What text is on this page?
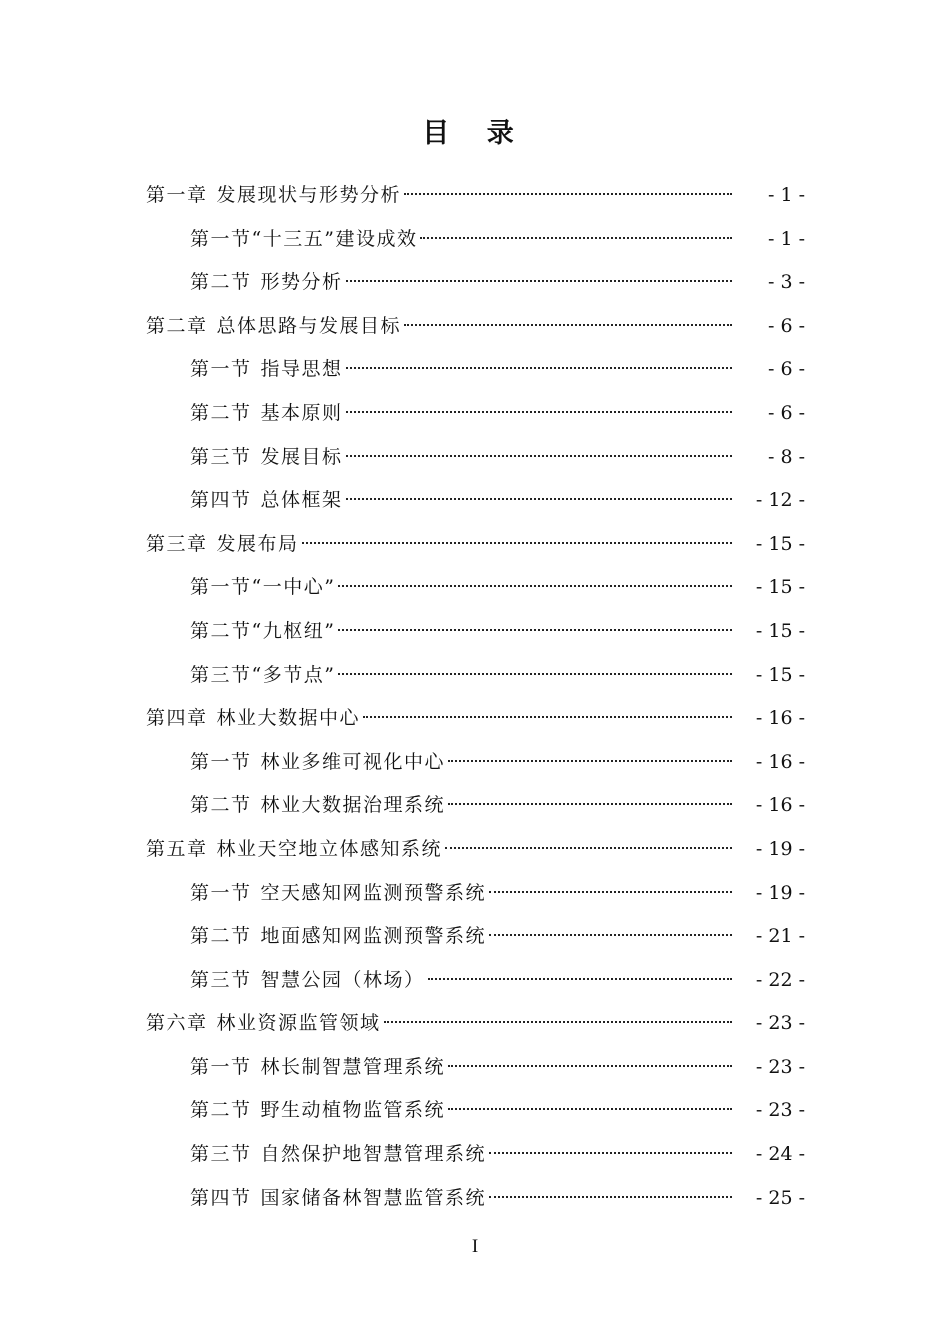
目 录
第一章 发展现状与形势分析	- 1 -
第一节 “十三五”建设成效	- 1 -
第二节 形势分析	- 3 -
第二章 总体思路与发展目标	- 6 -
第一节 指导思想	- 6 -
第二节 基本原则	- 6 -
第三节 发展目标	- 8 -
第四节 总体框架	- 12 -
第三章 发展布局	- 15 -
第一节 “一中心”	- 15 -
第二节 “九枢纽”	- 15 -
第三节 “多节点”	- 15 -
第四章 林业大数据中心	- 16 -
第一节 林业多维可视化中心	- 16 -
第二节 林业大数据治理系统	- 16 -
第五章 林业天空地立体感知系统	- 19 -
第一节 空天感知网监测预警系统	- 19 -
第二节 地面感知网监测预警系统	- 21 -
第三节 智慧公园（林场）	- 22 -
第六章 林业资源监管领域	- 23 -
第一节 林长制智慧管理系统	- 23 -
第二节 野生动植物监管系统	- 23 -
第三节 自然保护地智慧管理系统	- 24 -
第四节 国家储备林智慧监管系统	- 25 -
I
